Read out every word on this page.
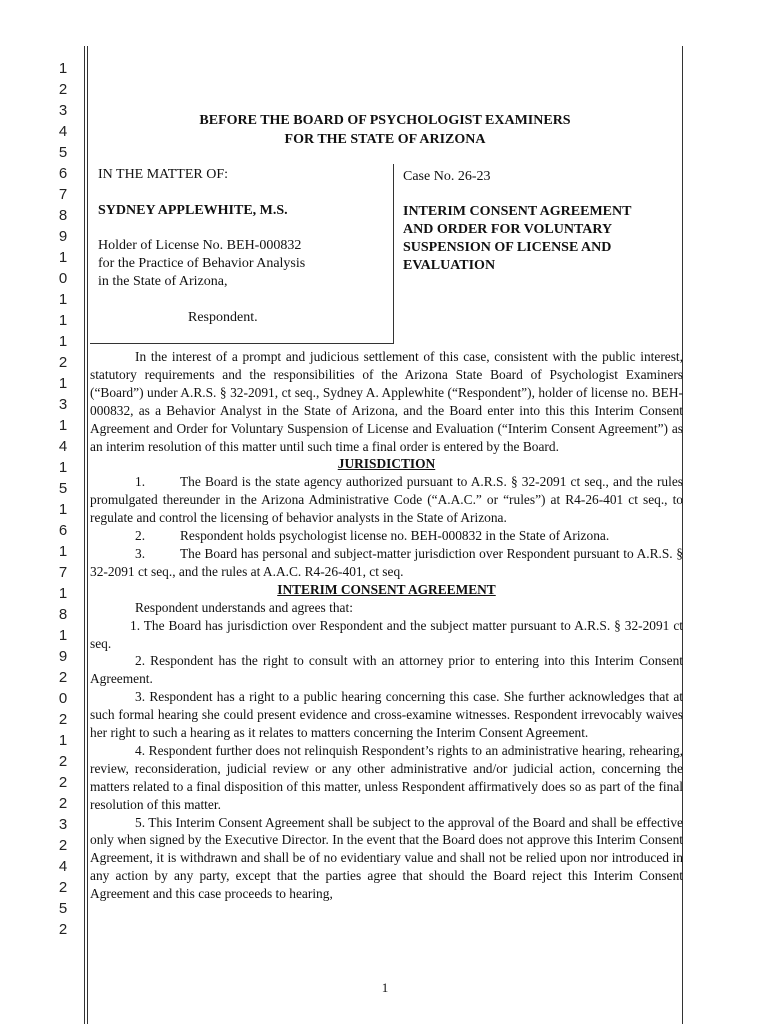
1
2
3
4
5
6
7
8
9
1
0
1
1
1
2
1
3
1
4
1
5
1
6
1
7
1
8
1
9
2
0
2
1
2
2
2
3
2
4
2
5
2
BEFORE THE BOARD OF PSYCHOLOGIST EXAMINERS
FOR THE STATE OF ARIZONA
IN THE MATTER OF:
SYDNEY APPLEWHITE, M.S.
Holder of License No. BEH-000832
for the Practice of Behavior Analysis
in the State of Arizona,
Respondent.
Case No. 26-23
INTERIM CONSENT AGREEMENT
AND ORDER FOR VOLUNTARY
SUSPENSION OF LICENSE AND
EVALUATION

In the interest of a prompt and judicious settlement of this case, consistent with the public interest, statutory requirements and the responsibilities of the Arizona State Board of Psychologist Examiners (“Board”) under A.R.S. § 32-2091, ct seq., Sydney A. Applewhite (“Respondent”), holder of license no. BEH-000832, as a Behavior Analyst in the State of Arizona, and the Board enter into this this Interim Consent Agreement and Order for Voluntary Suspension of License and Evaluation (“Interim Consent Agreement”) as an interim resolution of this matter until such time a final order is entered by the Board.

JURISDICTION

1.	The Board is the state agency authorized pursuant to A.R.S. § 32-2091 ct seq., and the rules promulgated thereunder in the Arizona Administrative Code (“A.A.C.” or “rules”) at R4-26-401 ct seq., to regulate and control the licensing of behavior analysts in the State of Arizona.

2.	Respondent holds psychologist license no. BEH-000832 in the State of Arizona.

3.	The Board has personal and subject-matter jurisdiction over Respondent pursuant to A.R.S. § 32-2091 ct seq., and the rules at A.A.C. R4-26-401, ct seq.

INTERIM CONSENT AGREEMENT

Respondent understands and agrees that:

1. The Board has jurisdiction over Respondent and the subject matter pursuant to A.R.S. § 32-2091 ct seq.

2. Respondent has the right to consult with an attorney prior to entering into this Interim Consent Agreement.

3. Respondent has a right to a public hearing concerning this case. She further acknowledges that at such formal hearing she could present evidence and cross-examine witnesses. Respondent irrevocably waives her right to such a hearing as it relates to matters concerning the Interim Consent Agreement.

4. Respondent further does not relinquish Respondent’s rights to an administrative hearing, rehearing, review, reconsideration, judicial review or any other administrative and/or judicial action, concerning the matters related to a final disposition of this matter, unless Respondent affirmatively does so as part of the final resolution of this matter.

5. This Interim Consent Agreement shall be subject to the approval of the Board and shall be effective only when signed by the Executive Director. In the event that the Board does not approve this Interim Consent Agreement, it is withdrawn and shall be of no evidentiary value and shall not be relied upon nor introduced in any action by any party, except that the parties agree that should the Board reject this Interim Consent Agreement and this case proceeds to hearing,

1
